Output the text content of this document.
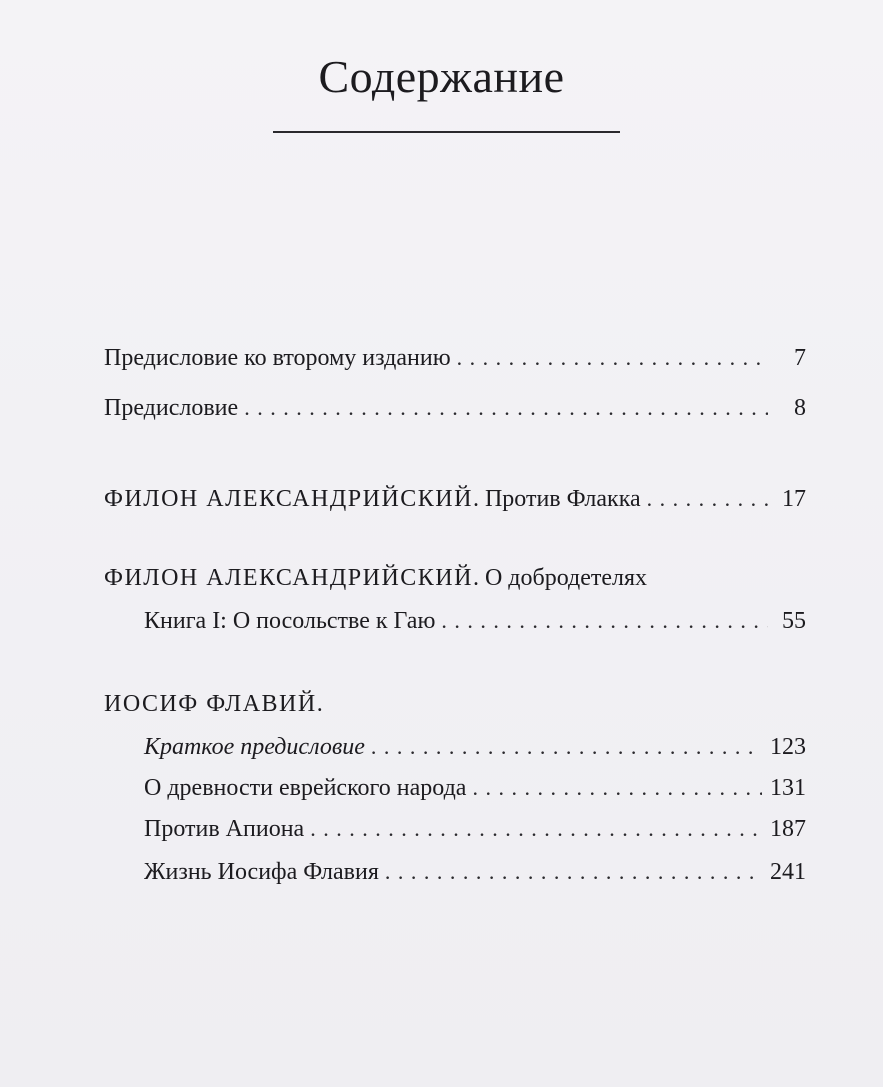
Содержание
Предисловие ко второму изданию . . .	7
Предисловие . . .	8
ФИЛОН АЛЕКСАНДРИЙСКИЙ. Против Флакка . . .	17
ФИЛОН АЛЕКСАНДРИЙСКИЙ. О добродетелях
Книга I: О посольстве к Гаю . . .	55
ИОСИФ ФЛАВИЙ.
Краткое предисловие . . .	123
О древности еврейского народа . . .	131
Против Апиона . . .	187
Жизнь Иосифа Флавия . . .	241
